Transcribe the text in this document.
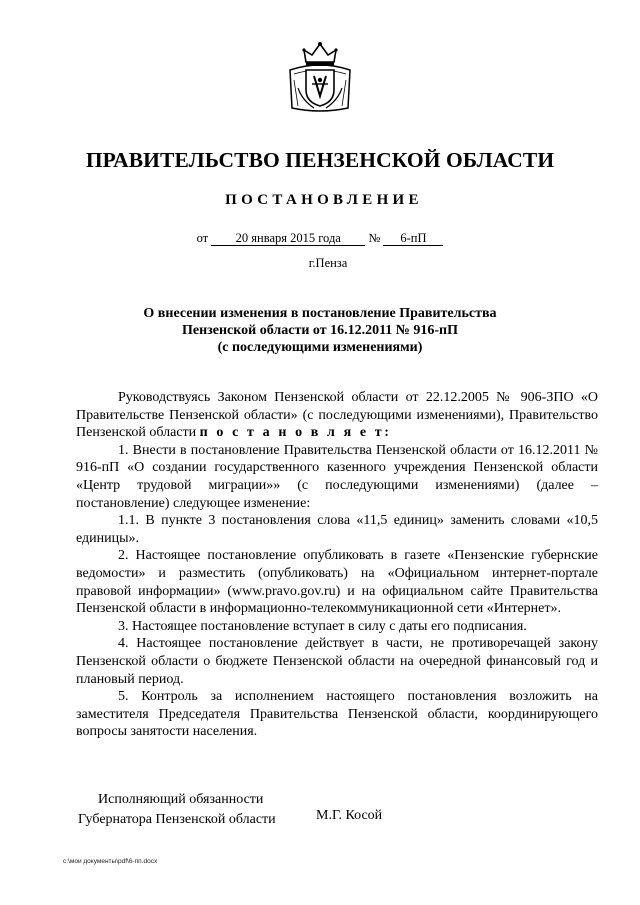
ПРАВИТЕЛЬСТВО ПЕНЗЕНСКОЙ ОБЛАСТИ
ПОСТАНОВЛЕНИЕ
от 20 января 2015 года № 6-пП
г.Пенза
О внесении изменения в постановление Правительства
Пензенской области от 16.12.2011 № 916-пП
(с последующими изменениями)

Руководствуясь Законом Пензенской области от 22.12.2005 № 906-ЗПО «О Правительстве Пензенской области» (с последующими изменениями), Правительство Пензенской области п о с т а н о в л я е т:

1. Внести в постановление Правительства Пензенской области от 16.12.2011 № 916-пП «О создании государственного казенного учреждения Пензенской области «Центр трудовой миграции»» (с последующими изменениями) (далее – постановление) следующее изменение:

1.1. В пункте 3 постановления слова «11,5 единиц» заменить словами «10,5 единицы».

2. Настоящее постановление опубликовать в газете «Пензенские губернские ведомости» и разместить (опубликовать) на «Официальном интернет-портале правовой информации» (www.pravo.gov.ru) и на официальном сайте Правительства Пензенской области в информационно-телекоммуникационной сети «Интернет».

3. Настоящее постановление вступает в силу с даты его подписания.

4. Настоящее постановление действует в части, не противоречащей закону Пензенской области о бюджете Пензенской области на очередной финансовый год и плановый период.

5. Контроль за исполнением настоящего постановления возложить на заместителя Председателя Правительства Пензенской области, координирующего вопросы занятости населения.

Исполняющий обязанности
Губернатора Пензенской области	М.Г. Косой
c:\мои документы\pdf\6-пп.docx
